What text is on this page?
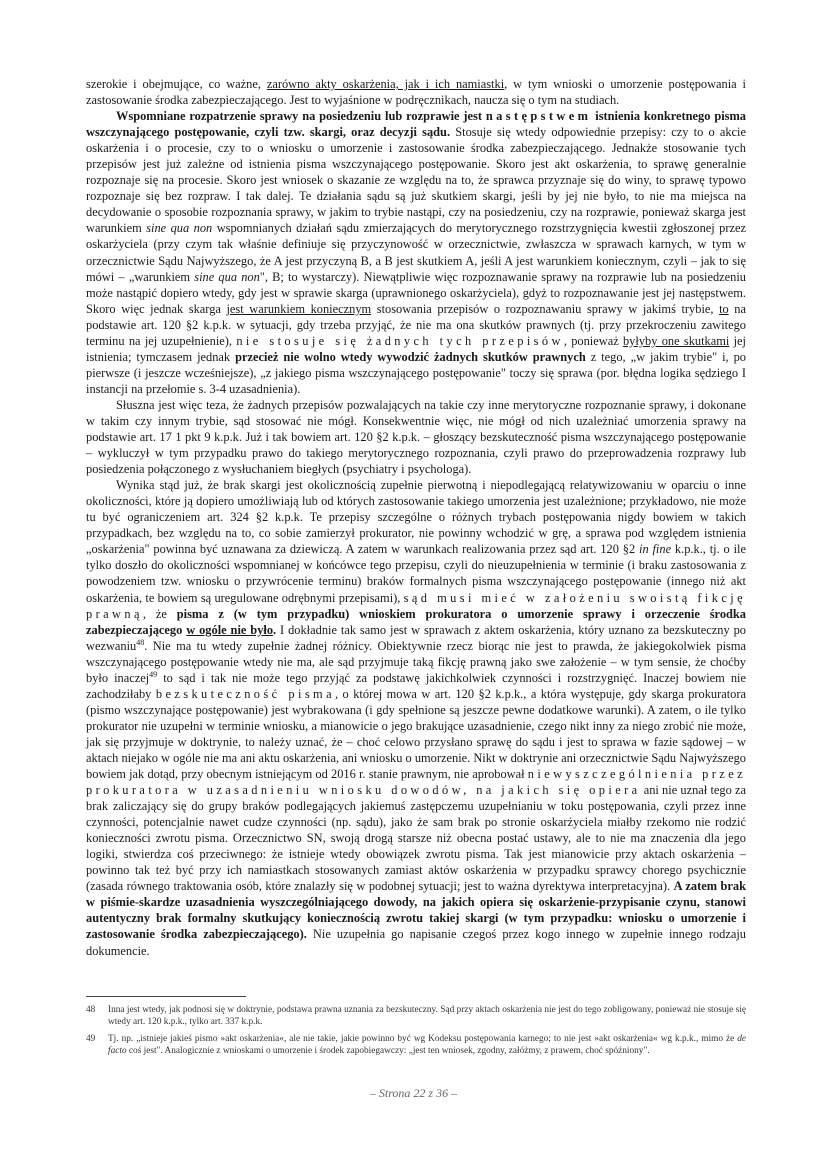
szerokie i obejmujące, co ważne, zarówno akty oskarżenia, jak i ich namiastki, w tym wnioski o umorzenie postępowania i zastosowanie środka zabezpieczającego. Jest to wyjaśnione w podręcznikach, naucza się o tym na studiach.

Wspomniane rozpatrzenie sprawy na posiedzeniu lub rozprawie jest następstwem istnienia konkretnego pisma wszczynającego postępowanie, czyli tzw. skargi, oraz decyzji sądu. Stosuje się wtedy odpowiednie przepisy: czy to o akcie oskarżenia i o procesie, czy to o wniosku o umorzenie i zastosowanie środka zabezpieczającego. Jednakże stosowanie tych przepisów jest już zależne od istnienia pisma wszczynającego postępowanie. Skoro jest akt oskarżenia, to sprawę generalnie rozpoznaje się na procesie. Skoro jest wniosek o skazanie ze względu na to, że sprawca przyznaje się do winy, to sprawę typowo rozpoznaje się bez rozpraw. I tak dalej. Te działania sądu są już skutkiem skargi, jeśli by jej nie było, to nie ma miejsca na decydowanie o sposobie rozpoznania sprawy, w jakim to trybie nastąpi, czy na posiedzeniu, czy na rozprawie, ponieważ skarga jest warunkiem sine qua non wspomnianych działań sądu zmierzających do merytorycznego rozstrzygnięcia kwestii zgłoszonej przez oskarżyciela (przy czym tak właśnie definiuje się przyczynowość w orzecznictwie, zwłaszcza w sprawach karnych, w tym w orzecznictwie Sądu Najwyższego, że A jest przyczyną B, a B jest skutkiem A, jeśli A jest warunkiem koniecznym, czyli – jak to się mówi – „warunkiem sine qua non", B; to wystarczy). Niewątpliwie więc rozpoznawanie sprawy na rozprawie lub na posiedzeniu może nastąpić dopiero wtedy, gdy jest w sprawie skarga (uprawnionego oskarżyciela), gdyż to rozpoznawanie jest jej następstwem. Skoro więc jednak skarga jest warunkiem koniecznym stosowania przepisów o rozpoznawaniu sprawy w jakimś trybie, to na podstawie art. 120 §2 k.p.k. w sytuacji, gdy trzeba przyjąć, że nie ma ona skutków prawnych (tj. przy przekroczeniu zawitego terminu na jej uzupełnienie), nie stosuje się żadnych tych przepisów, ponieważ byłyby one skutkami jej istnienia; tymczasem jednak przecież nie wolno wtedy wywodzić żadnych skutków prawnych z tego, „w jakim trybie" i, po pierwsze (i jeszcze wcześniejsze), „z jakiego pisma wszczynającego postępowanie" toczy się sprawa (por. błędna logika sędziego I instancji na przełomie s. 3-4 uzasadnienia).

Słuszna jest więc teza, że żadnych przepisów pozwalających na takie czy inne merytoryczne rozpoznanie sprawy, i dokonane w takim czy innym trybie, sąd stosować nie mógł. Konsekwentnie więc, nie mógł od nich uzależniać umorzenia sprawy na podstawie art. 17 1 pkt 9 k.p.k. Już i tak bowiem art. 120 §2 k.p.k. – głoszący bezskuteczność pisma wszczynającego postępowanie – wykluczył w tym przypadku prawo do takiego merytorycznego rozpoznania, czyli prawo do przeprowadzenia rozprawy lub posiedzenia połączonego z wysłuchaniem biegłych (psychiatry i psychologa).

Wynika stąd już, że brak skargi jest okolicznością zupełnie pierwotną i niepodlegającą relatywizowaniu w oparciu o inne okoliczności, które ją dopiero umożliwiają lub od których zastosowanie takiego umorzenia jest uzależnione; przykładowo, nie może tu być ograniczeniem art. 324 §2 k.p.k. Te przepisy szczególne o różnych trybach postępowania nigdy bowiem w takich przypadkach, bez względu na to, co sobie zamierzył prokurator, nie powinny wchodzić w grę, a sprawa pod względem istnienia „oskarżenia" powinna być uznawana za dziewiczą. A zatem w warunkach realizowania przez sąd art. 120 §2 in fine k.p.k., tj. o ile tylko doszło do okoliczności wspomnianej w końcówce tego przepisu, czyli do nieuzupełnienia w terminie (i braku zastosowania z powodzeniem tzw. wniosku o przywrócenie terminu) braków formalnych pisma wszczynającego postępowanie (innego niż akt oskarżenia, te bowiem są uregulowane odrębnymi przepisami), sąd musi mieć w założeniu swoistą fikcję prawną, że pisma z (w tym przypadku) wnioskiem prokuratora o umorzenie sprawy i orzeczenie środka zabezpieczającego w ogóle nie było. I dokładnie tak samo jest w sprawach z aktem oskarżenia, który uznano za bezskuteczny po wezwaniu$^{48}$. Nie ma tu wtedy zupełnie żadnej różnicy. Obiektywnie rzecz biorąc nie jest to prawda, że jakiegokolwiek pisma wszczynającego postępowanie wtedy nie ma, ale sąd przyjmuje taką fikcję prawną jako swe założenie – w tym sensie, że choćby było inaczej$^{49}$ to sąd i tak nie może tego przyjąć za podstawę jakichkolwiek czynności i rozstrzygnięć. Inaczej bowiem nie zachodziłaby bezskuteczność pisma, o której mowa w art. 120 §2 k.p.k., a która występuje, gdy skarga prokuratora (pismo wszczynające postępowanie) jest wybrakowana (i gdy spełnione są jeszcze pewne dodatkowe warunki). A zatem, o ile tylko prokurator nie uzupełni w terminie wniosku, a mianowicie o jego brakujące uzasadnienie, czego nikt inny za niego zrobić nie może, jak się przyjmuje w doktrynie, to należy uznać, że – choć celowo przysłano sprawę do sądu i jest to sprawa w fazie sądowej – w aktach niejako w ogóle nie ma ani aktu oskarżenia, ani wniosku o umorzenie. Nikt w doktrynie ani orzecznictwie Sądu Najwyższego bowiem jak dotąd, przy obecnym istniejącym od 2016 r. stanie prawnym, nie aprobował niewyszczególnienia przez prokuratora w uzasadnieniu wniosku dowodów, na jakich się opiera ani nie uznał tego za brak zaliczający się do grupy braków podlegających jakiemuś zastępczemu uzupełnianiu w toku postępowania, czyli przez inne czynności, potencjalnie nawet cudze czynności (np. sądu), jako że sam brak po stronie oskarżyciela miałby rzekomo nie rodzić konieczności zwrotu pisma. Orzecznictwo SN, swoją drogą starsze niż obecna postać ustawy, ale to nie ma znaczenia dla jego logiki, stwierdza coś przeciwnego: że istnieje wtedy obowiązek zwrotu pisma. Tak jest mianowicie przy aktach oskarżenia – powinno tak też być przy ich namiastkach stosowanych zamiast aktów oskarżenia w przypadku sprawcy chorego psychicznie (zasada równego traktowania osób, które znalazły się w podobnej sytuacji; jest to ważna dyrektywa interpretacyjna). A zatem brak w piśmie-skardze uzasadnienia wyszczególniającego dowody, na jakich opiera się oskarżenie-przypisanie czynu, stanowi autentyczny brak formalny skutkujący koniecznością zwrotu takiej skargi (w tym przypadku: wniosku o umorzenie i zastosowanie środka zabezpieczającego). Nie uzupełnia go napisanie czegoś przez kogo innego w zupełnie innego rodzaju dokumencie.

48	Inna jest wtedy, jak podnosi się w doktrynie, podstawa prawna uznania za bezskuteczny. Sąd przy aktach oskarżenia nie jest do tego zobligowany, ponieważ nie stosuje się wtedy art. 120 k.p.k., tylko art. 337 k.p.k.
49	Tj. np. „istnieje jakieś pismo »akt oskarżenia«, ale nie takie, jakie powinno być wg Kodeksu postępowania karnego; to nie jest »akt oskarżenia« wg k.p.k., mimo że de facto coś jest". Analogicznie z wnioskami o umorzenie i środek zapobiegawczy: „jest ten wniosek, zgodny, załóżmy, z prawem, choć spóźniony".
– Strona 22 z 36 –
